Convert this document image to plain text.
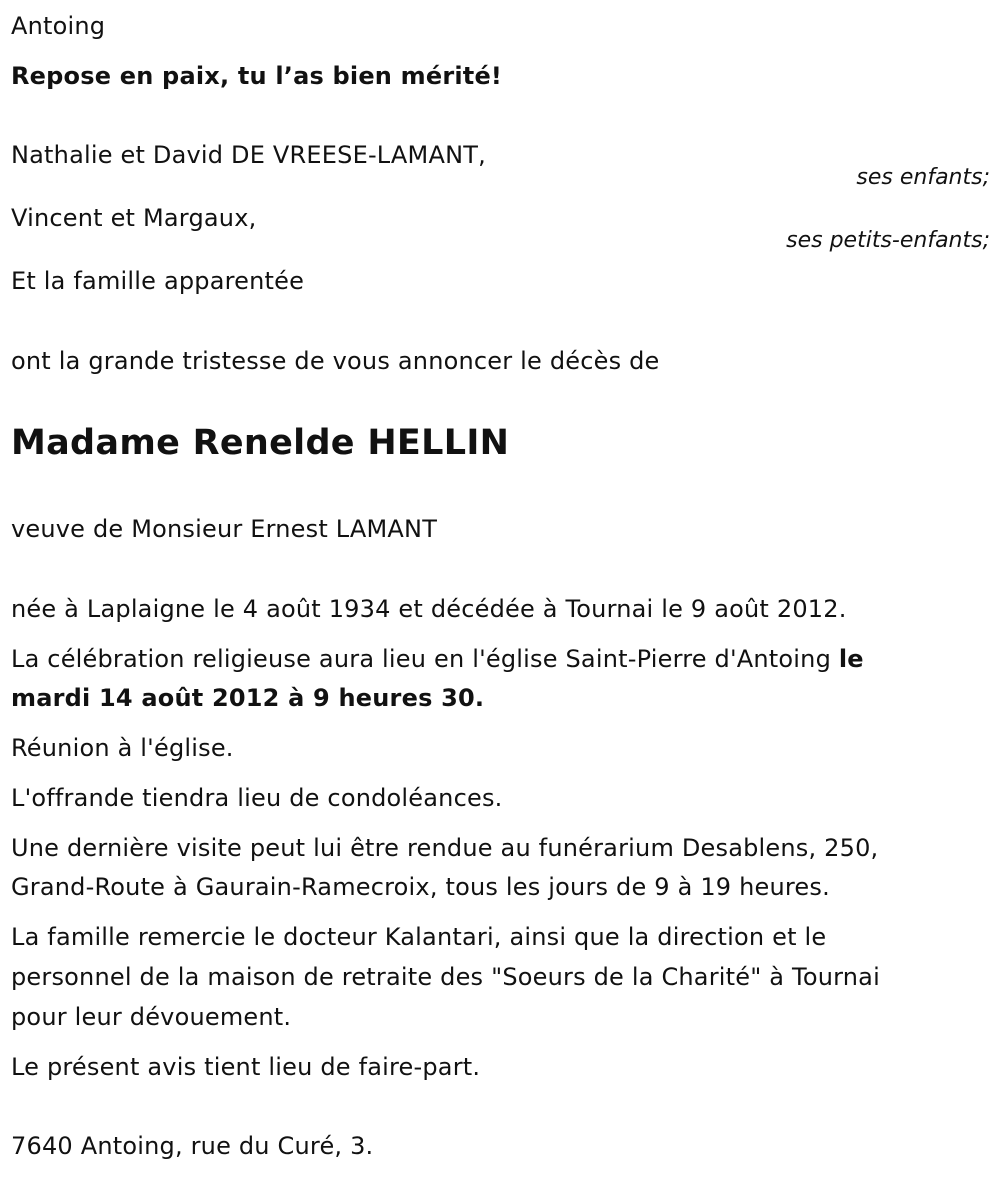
Antoing
Repose en paix, tu l’as bien mérité!
Nathalie et David DE VREESE-LAMANT,
ses enfants;
Vincent et Margaux,
ses petits-enfants;
Et la famille apparentée
ont la grande tristesse de vous annoncer le décès de
Madame Renelde HELLIN
veuve de Monsieur Ernest LAMANT
née à Laplaigne le 4 août 1934 et décédée à Tournai le 9 août 2012.
La célébration religieuse aura lieu en l'église Saint-Pierre d'Antoing le
mardi 14 août 2012 à 9 heures 30.
Réunion à l'église.
L'offrande tiendra lieu de condoléances.
Une dernière visite peut lui être rendue au funérarium Desablens, 250,
Grand-Route à Gaurain-Ramecroix, tous les jours de 9 à 19 heures.
La famille remercie le docteur Kalantari, ainsi que la direction et le
personnel de la maison de retraite des "Soeurs de la Charité" à Tournai
pour leur dévouement.
Le présent avis tient lieu de faire-part.
7640 Antoing, rue du Curé, 3.
